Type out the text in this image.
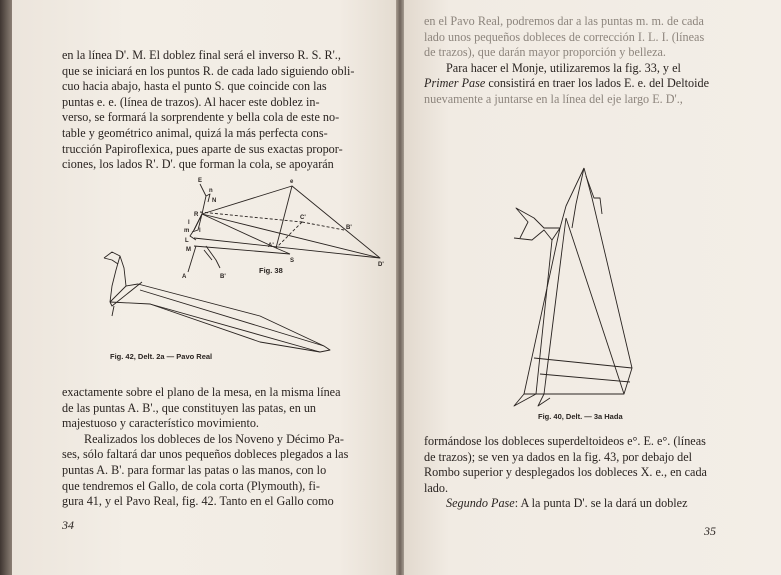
en la línea D'. M. El doblez final será el inverso R. S. R'.,

que se iniciará en los puntos R. de cada lado siguiendo obli-

cuo hacia abajo, hasta el punto S. que coincide con las

puntas e. e. (línea de trazos). Al hacer este doblez in-

verso, se formará la sorprendente y bella cola de este no-

table y geométrico animal, quizá la más perfecta cons-

trucción Papiroflexica, pues aparte de sus exactas propor-

ciones, los lados R'. D'. que forman la cola, se apoyarán

E
n
N
R
l
m l
L
M
A	B'
e
C'
B'
A'
S
D'
Fig. 38
Fig. 42, Delt. 2a — Pavo Real

exactamente sobre el plano de la mesa, en la misma línea

de las puntas A. B'., que constituyen las patas, en un

majestuoso y característico movimiento.

Realizados los dobleces de los Noveno y Décimo Pa-

ses, sólo faltará dar unos pequeños dobleces plegados a las

puntas A. B'. para formar las patas o las manos, con lo

que tendremos el Gallo, de cola corta (Plymouth), fi-

gura 41, y el Pavo Real, fig. 42. Tanto en el Gallo como

34

en el Pavo Real, podremos dar a las puntas m. m. de cada

lado unos pequeños dobleces de corrección I. L. I. (líneas

de trazos), que darán mayor proporción y belleza.

Para hacer el Monje, utilizaremos la fig. 33, y el

Primer Pase consistirá en traer los lados E. e. del Deltoide

nuevamente a juntarse en la línea del eje largo E. D'.,

Fig. 40, Delt. — 3a Hada

formándose los dobleces superdeltoideos e°. E. e°. (líneas

de trazos); se ven ya dados en la fig. 43, por debajo del

Rombo superior y desplegados los dobleces X. e., en cada

lado.

Segundo Pase: A la punta D'. se la dará un doblez

35
